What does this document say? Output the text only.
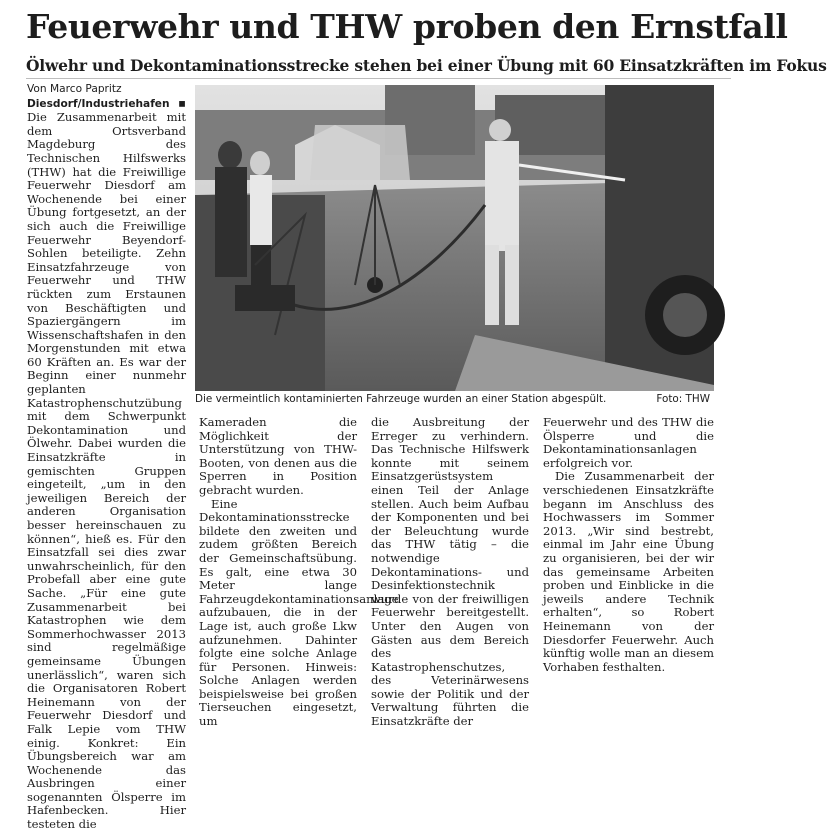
Feuerwehr und THW proben den Ernstfall
Ölwehr und Dekontaminationsstrecke stehen bei einer Übung mit 60 Einsatzkräften im Fokus
Von Marco Papritz

Diesdorf/Industriehafen ▪ Die Zusammenarbeit mit dem Ortsverband Magdeburg des Technischen Hilfswerks (THW) hat die Freiwillige Feuerwehr Diesdorf am Wochenende bei einer Übung fortgesetzt, an der sich auch die Freiwillige Feuerwehr Beyendorf-Sohlen beteiligte. Zehn Einsatzfahrzeuge von Feuerwehr und THW rückten zum Erstaunen von Beschäftigten und Spaziergängern im Wissenschaftshafen in den Morgenstunden mit etwa 60 Kräften an. Es war der Beginn einer nunmehr geplanten Katastrophenschutzübung mit dem Schwerpunkt Dekontamination und Ölwehr. Dabei wurden die Einsatzkräfte in gemischten Gruppen eingeteilt, „um in den jeweiligen Bereich der anderen Organisation besser hereinschauen zu können“, hieß es. Für den Einsatzfall sei dies zwar unwahrscheinlich, für den Probefall aber eine gute Sache. „Für eine gute Zusammenarbeit bei Katastrophen wie dem Sommerhochwasser 2013 sind regelmäßige gemeinsame Übungen unerlässlich“, waren sich die Organisatoren Robert Heinemann von der Feuerwehr Diesdorf und Falk Lepie vom THW einig. Konkret: Ein Übungsbereich war am Wochenende das Ausbringen einer sogenannten Ölsperre im Hafenbecken. Hier testeten die

Die vermeintlich kontaminierten Fahrzeuge wurden an einer Station abgespült.	Foto: THW

Kameraden die Möglichkeit der Unterstützung von THW-Booten, von denen aus die Sperren in Position gebracht wurden.

Eine Dekontaminationsstrecke bildete den zweiten und zudem größten Bereich der Gemeinschaftsübung. Es galt, eine etwa 30 Meter lange Fahrzeugdekontaminationsanlage aufzubauen, die in der Lage ist, auch große Lkw aufzunehmen. Dahinter folgte eine solche Anlage für Personen. Hinweis: Solche Anlagen werden beispielsweise bei großen Tierseuchen eingesetzt, um

die Ausbreitung der Erreger zu verhindern. Das Technische Hilfswerk konnte mit seinem Einsatzgerüstsystem einen Teil der Anlage stellen. Auch beim Aufbau der Komponenten und bei der Beleuchtung wurde das THW tätig – die notwendige Dekontaminations- und Desinfektionstechnik wurde von der freiwilligen Feuerwehr bereitgestellt. Unter den Augen von Gästen aus dem Bereich des Katastrophenschutzes, des Veterinärwesens sowie der Politik und der Verwaltung führten die Einsatzkräfte der

Feuerwehr und des THW die Ölsperre und die Dekontaminationsanlagen erfolgreich vor.

Die Zusammenarbeit der verschiedenen Einsatzkräfte begann im Anschluss des Hochwassers im Sommer 2013. „Wir sind bestrebt, einmal im Jahr eine Übung zu organisieren, bei der wir das gemeinsame Arbeiten proben und Einblicke in die jeweils andere Technik erhalten“, so Robert Heinemann von der Diesdorfer Feuerwehr. Auch künftig wolle man an diesem Vorhaben festhalten.
